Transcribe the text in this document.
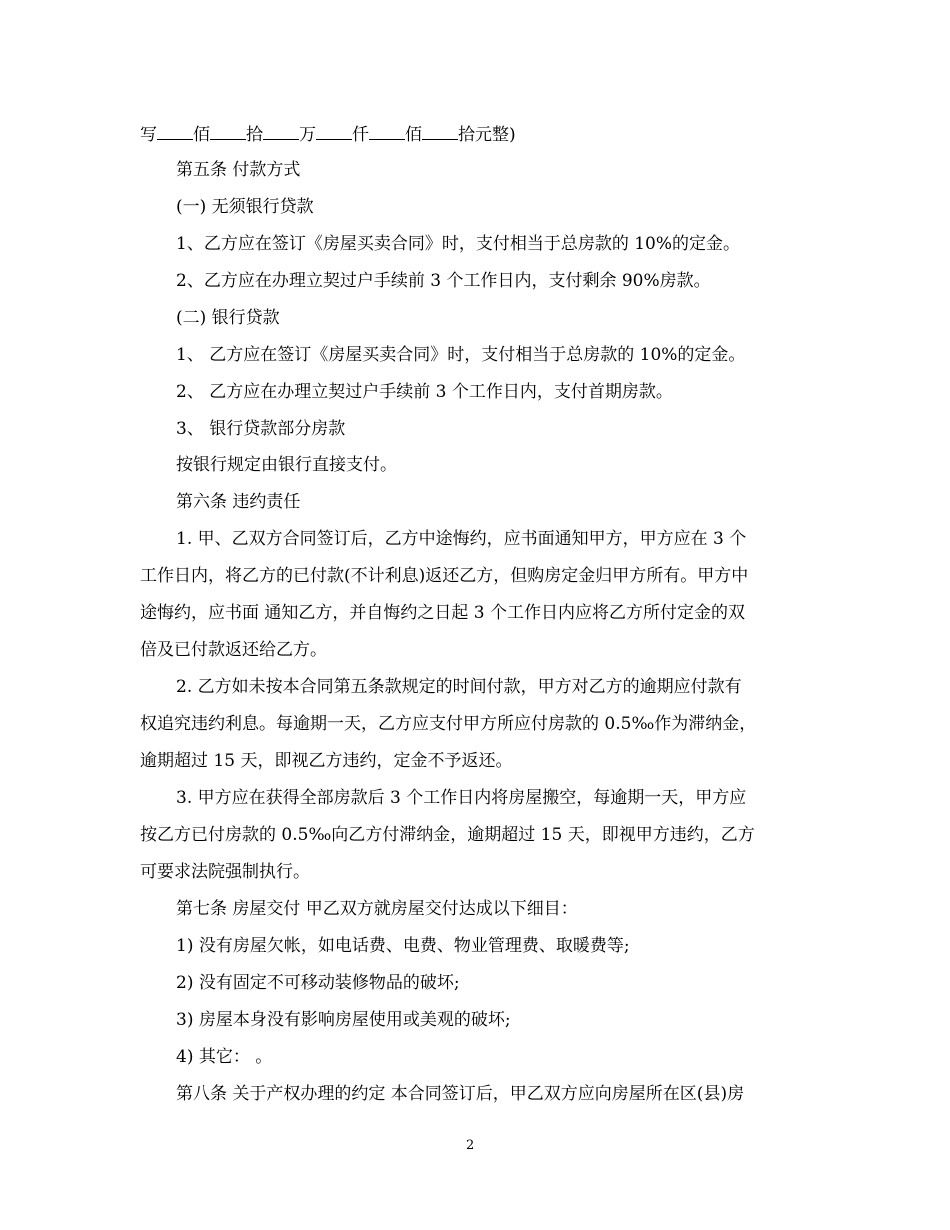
写 佰 拾 万 仟 佰 拾元整)
第五条 付款方式
(一) 无须银行贷款
1、乙方应在签订《房屋买卖合同》时，支付相当于总房款的 10%的定金。
2、乙方应在办理立契过户手续前 3 个工作日内，支付剩余 90%房款。
(二) 银行贷款
1、 乙方应在签订《房屋买卖合同》时，支付相当于总房款的 10%的定金。
2、 乙方应在办理立契过户手续前 3 个工作日内，支付首期房款。
3、 银行贷款部分房款
按银行规定由银行直接支付。
第六条 违约责任
1. 甲、乙双方合同签订后，乙方中途悔约，应书面通知甲方，甲方应在 3 个
工作日内，将乙方的已付款(不计利息)返还乙方，但购房定金归甲方所有。甲方中
途悔约，应书面 通知乙方，并自悔约之日起 3 个工作日内应将乙方所付定金的双
倍及已付款返还给乙方。
2. 乙方如未按本合同第五条款规定的时间付款，甲方对乙方的逾期应付款有
权追究违约利息。每逾期一天，乙方应支付甲方所应付房款的 0.5‰作为滞纳金，
逾期超过 15 天，即视乙方违约，定金不予返还。
3. 甲方应在获得全部房款后 3 个工作日内将房屋搬空，每逾期一天，甲方应
按乙方已付房款的 0.5‰向乙方付滞纳金，逾期超过 15 天，即视甲方违约，乙方
可要求法院强制执行。
第七条 房屋交付 甲乙双方就房屋交付达成以下细目：
1) 没有房屋欠帐，如电话费、电费、物业管理费、取暖费等;
2) 没有固定不可移动装修物品的破坏;
3) 房屋本身没有影响房屋使用或美观的破坏;
4) 其它： 。
第八条 关于产权办理的约定 本合同签订后，甲乙双方应向房屋所在区(县)房
2
